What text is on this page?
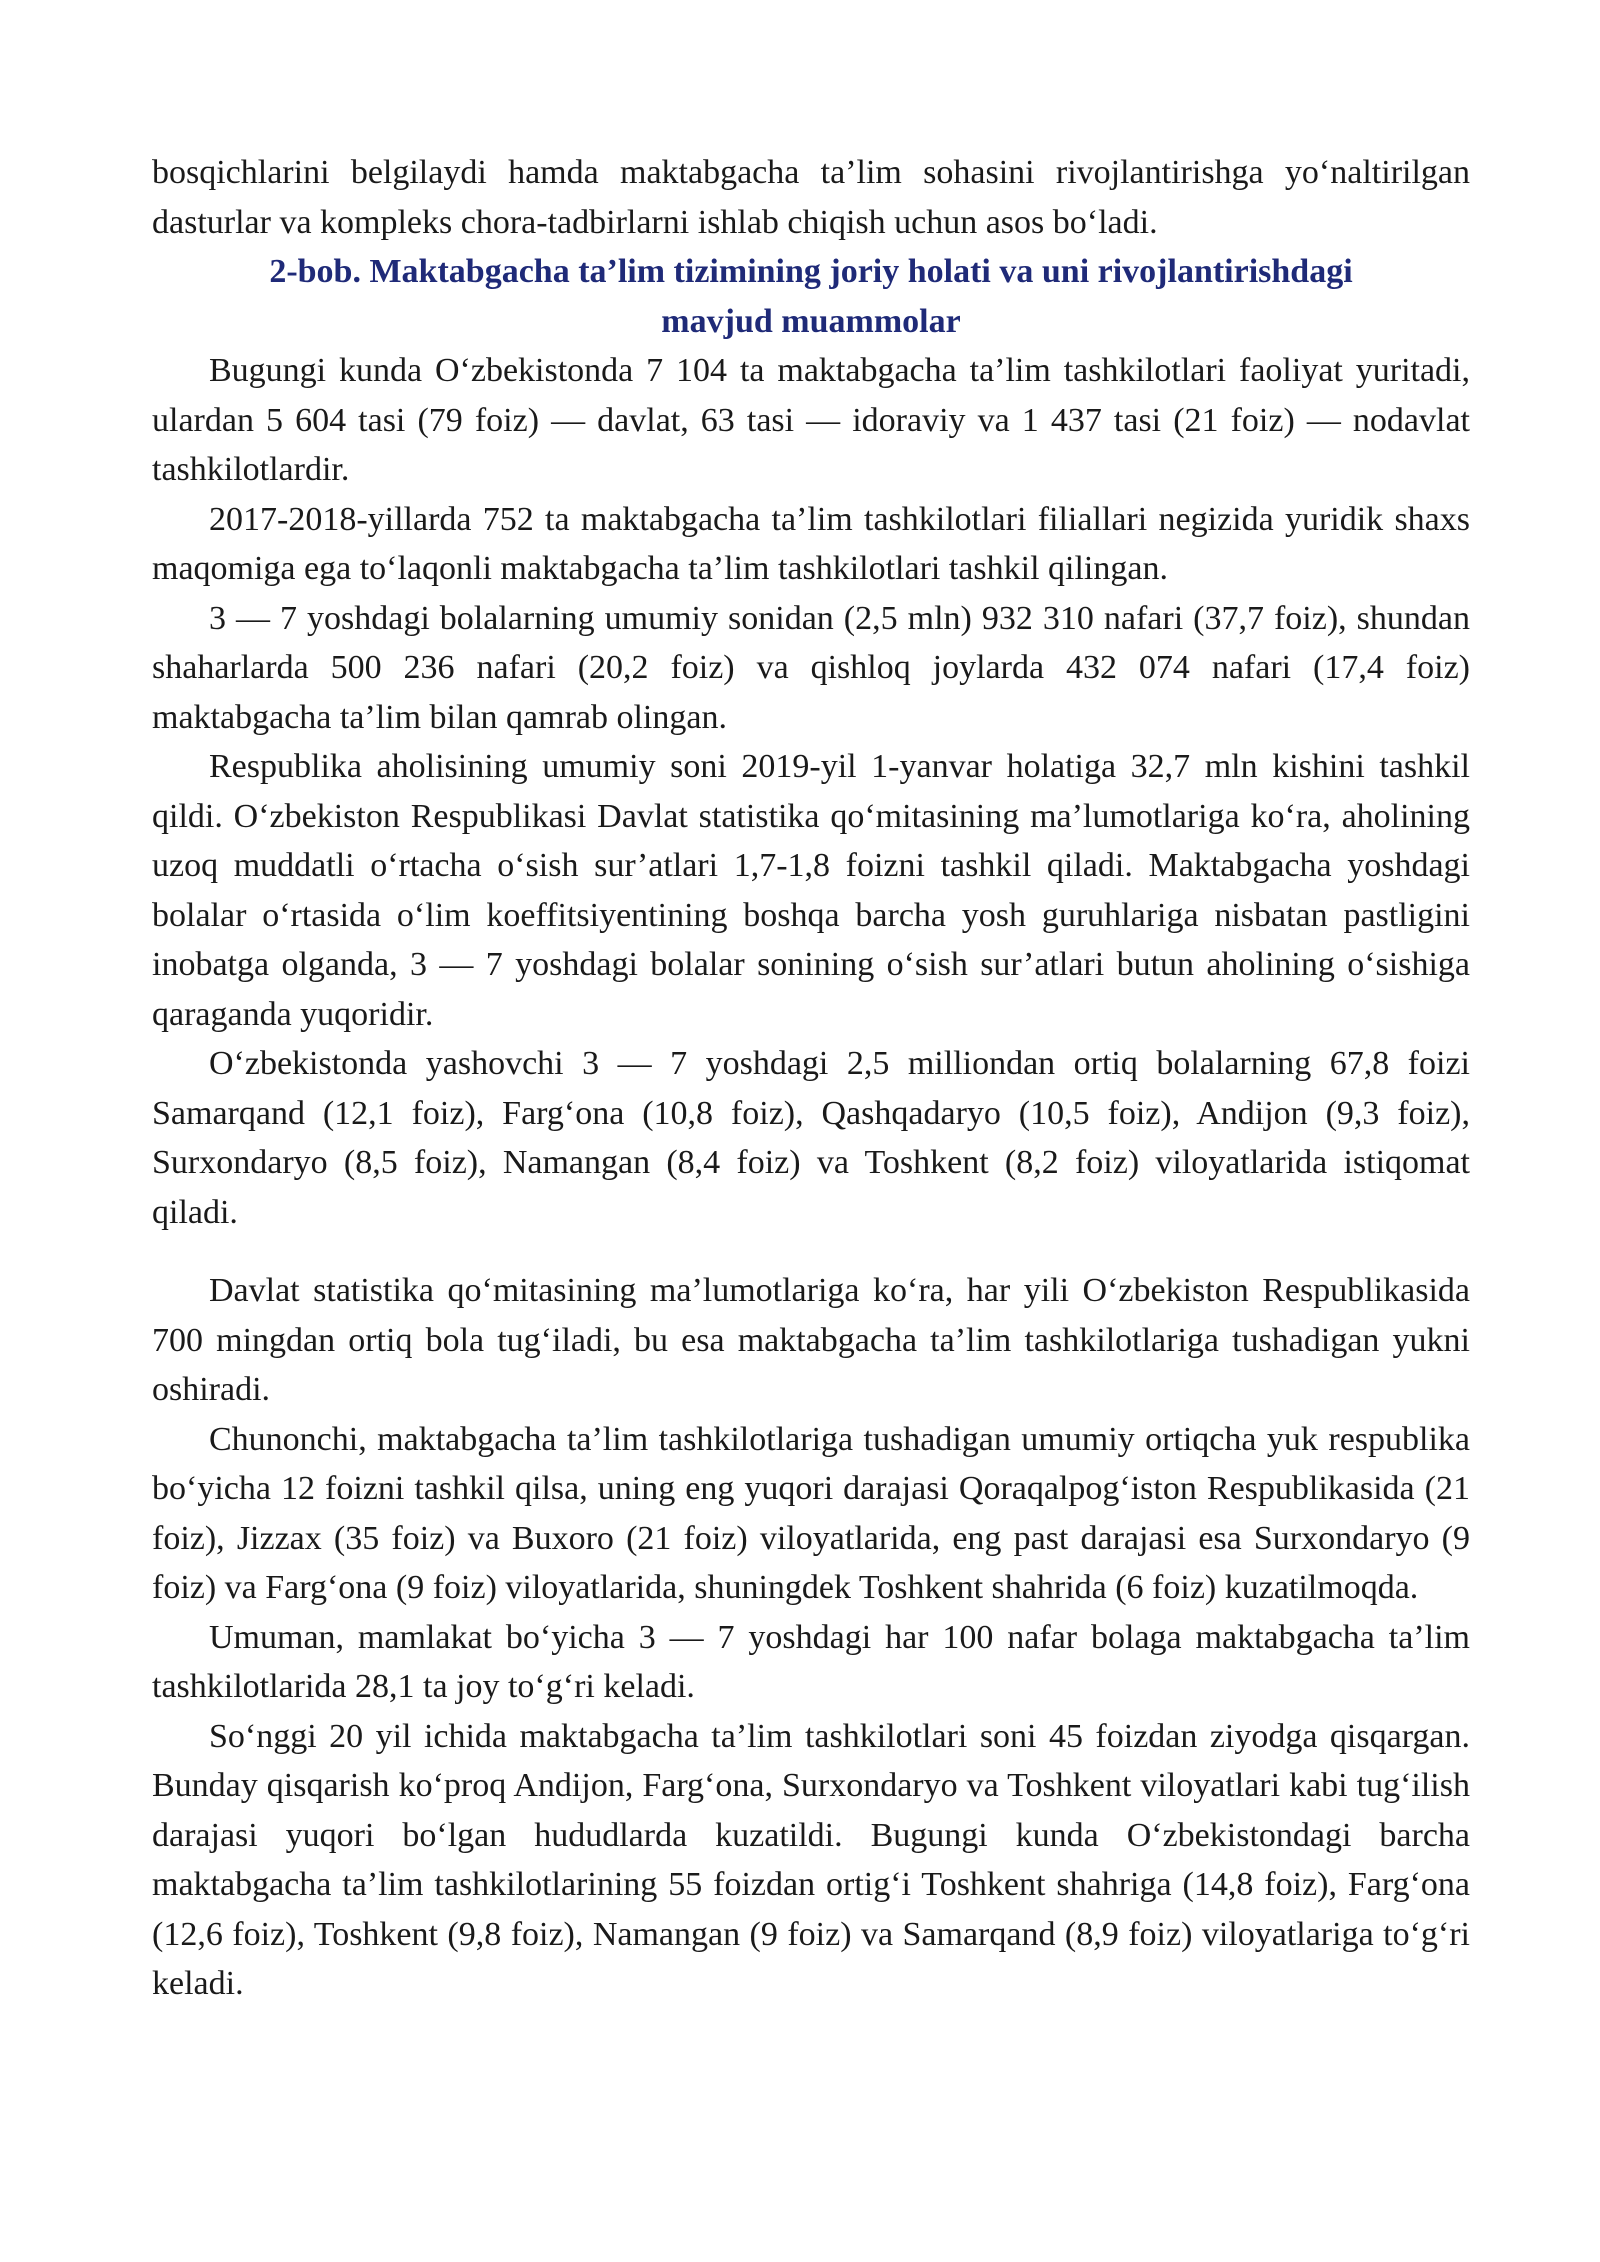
bosqichlarini belgilaydi hamda maktabgacha ta’lim sohasini rivojlantirishga yo‘naltirilgan dasturlar va kompleks chora-tadbirlarni ishlab chiqish uchun asos bo‘ladi.

2-bob. Maktabgacha ta’lim tizimining joriy holati va uni rivojlantirishdagi
mavjud muammolar

Bugungi kunda O‘zbekistonda 7 104 ta maktabgacha ta’lim tashkilotlari faoliyat yuritadi, ulardan 5 604 tasi (79 foiz) — davlat, 63 tasi — idoraviy va 1 437 tasi (21 foiz) — nodavlat tashkilotlardir.

2017-2018-yillarda 752 ta maktabgacha ta’lim tashkilotlari filiallari negizida yuridik shaxs maqomiga ega to‘laqonli maktabgacha ta’lim tashkilotlari tashkil qilingan.

3 — 7 yoshdagi bolalarning umumiy sonidan (2,5 mln) 932 310 nafari (37,7 foiz), shundan shaharlarda 500 236 nafari (20,2 foiz) va qishloq joylarda 432 074 nafari (17,4 foiz) maktabgacha ta’lim bilan qamrab olingan.

Respublika aholisining umumiy soni 2019-yil 1-yanvar holatiga 32,7 mln kishini tashkil qildi. O‘zbekiston Respublikasi Davlat statistika qo‘mitasining ma’lumotlariga ko‘ra, aholining uzoq muddatli o‘rtacha o‘sish sur’atlari 1,7-1,8 foizni tashkil qiladi. Maktabgacha yoshdagi bolalar o‘rtasida o‘lim koeffitsiyentining boshqa barcha yosh guruhlariga nisbatan pastligini inobatga olganda, 3 — 7 yoshdagi bolalar sonining o‘sish sur’atlari butun aholining o‘sishiga qaraganda yuqoridir.

O‘zbekistonda yashovchi 3 — 7 yoshdagi 2,5 milliondan ortiq bolalarning 67,8 foizi Samarqand (12,1 foiz), Farg‘ona (10,8 foiz), Qashqadaryo (10,5 foiz), Andijon (9,3 foiz), Surxondaryo (8,5 foiz), Namangan (8,4 foiz) va Toshkent (8,2 foiz) viloyatlarida istiqomat qiladi.

Davlat statistika qo‘mitasining ma’lumotlariga ko‘ra, har yili O‘zbekiston Respublikasida 700 mingdan ortiq bola tug‘iladi, bu esa maktabgacha ta’lim tashkilotlariga tushadigan yukni oshiradi.

Chunonchi, maktabgacha ta’lim tashkilotlariga tushadigan umumiy ortiqcha yuk respublika bo‘yicha 12 foizni tashkil qilsa, uning eng yuqori darajasi Qoraqalpog‘iston Respublikasida (21 foiz), Jizzax (35 foiz) va Buxoro (21 foiz) viloyatlarida, eng past darajasi esa Surxondaryo (9 foiz) va Farg‘ona (9 foiz) viloyatlarida, shuningdek Toshkent shahrida (6 foiz) kuzatilmoqda.

Umuman, mamlakat bo‘yicha 3 — 7 yoshdagi har 100 nafar bolaga maktabgacha ta’lim tashkilotlarida 28,1 ta joy to‘g‘ri keladi.

So‘nggi 20 yil ichida maktabgacha ta’lim tashkilotlari soni 45 foizdan ziyodga qisqargan. Bunday qisqarish ko‘proq Andijon, Farg‘ona, Surxondaryo va Toshkent viloyatlari kabi tug‘ilish darajasi yuqori bo‘lgan hududlarda kuzatildi. Bugungi kunda O‘zbekistondagi barcha maktabgacha ta’lim tashkilotlarining 55 foizdan ortig‘i Toshkent shahriga (14,8 foiz), Farg‘ona (12,6 foiz), Toshkent (9,8 foiz), Namangan (9 foiz) va Samarqand (8,9 foiz) viloyatlariga to‘g‘ri keladi.
